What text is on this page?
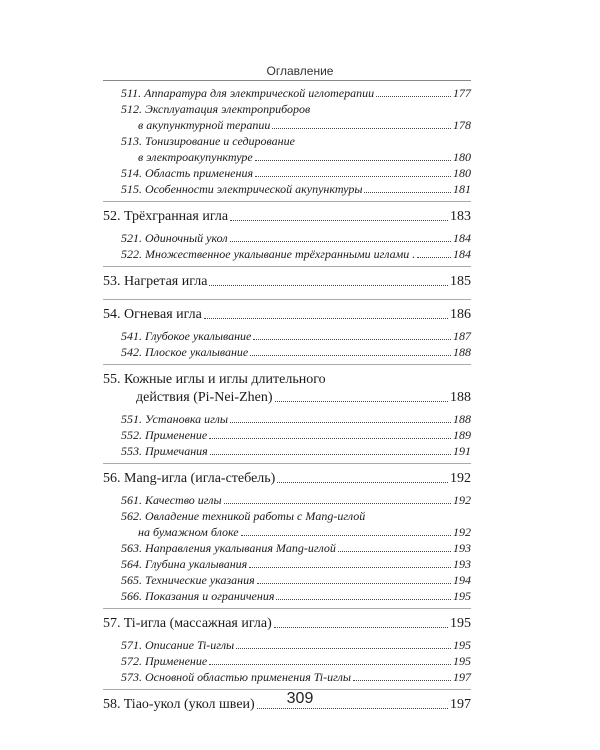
Оглавление
511. Аппаратура для электрической иглотерапии	177
512. Эксплуатация электроприборов
в акупунктурной терапии	178
513. Тонизирование и седирование
в электроакупунктуре	180
514. Область применения	180
515. Особенности электрической акупунктуры	181
52. Трёхгранная игла	183
521. Одиночный укол	184
522. Множественное укалывание трёхгранными иглами .	184
53. Нагретая игла	185
54. Огневая игла	186
541. Глубокое укалывание	187
542. Плоское укалывание	188
55. Кожные иглы и иглы длительного
действия (Pi-Nei-Zhen)	188
551. Установка иглы	188
552. Применение	189
553. Примечания	191
56. Mang-игла (игла-стебель)	192
561. Качество иглы	192
562. Овладение техникой работы с Mang-иглой
на бумажном блоке	192
563. Направления укалывания Mang-иглой	193
564. Глубина укалывания	193
565. Технические указания	194
566. Показания и ограничения	195
57. Ti-игла (массажная игла)	195
571. Описание Ti-иглы	195
572. Применение	195
573. Основной областью применения Ti-иглы	197
58. Tiao-укол (укол швеи)	197
309
